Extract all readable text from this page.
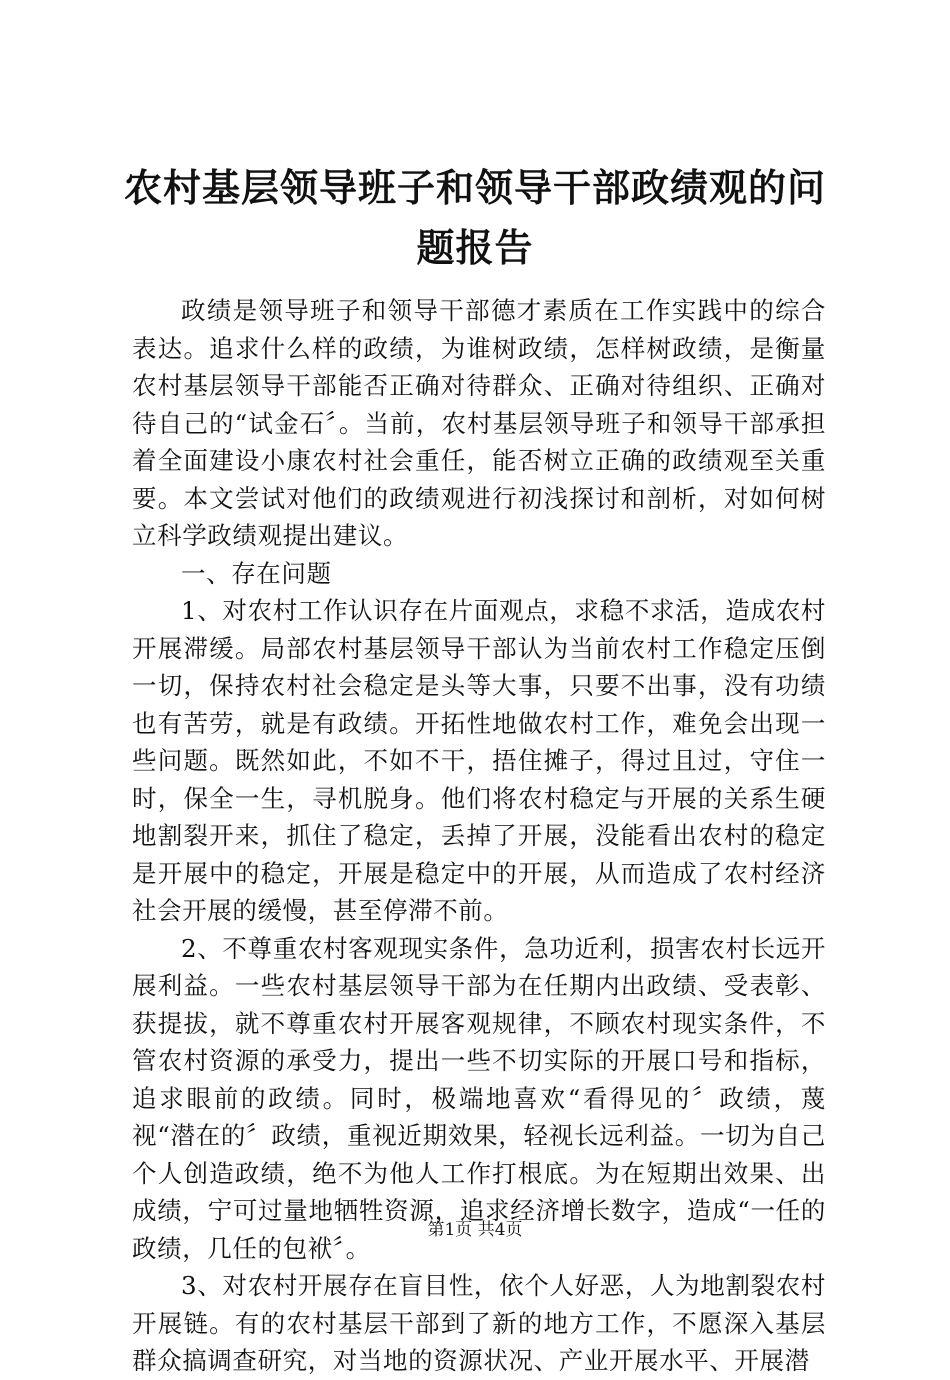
农村基层领导班子和领导干部政绩观的问题报告

政绩是领导班子和领导干部德才素质在工作实践中的综合表达。追求什么样的政绩，为谁树政绩，怎样树政绩，是衡量农村基层领导干部能否正确对待群众、正确对待组织、正确对待自己的“试金石〞。当前，农村基层领导班子和领导干部承担着全面建设小康农村社会重任，能否树立正确的政绩观至关重要。本文尝试对他们的政绩观进行初浅探讨和剖析，对如何树立科学政绩观提出建议。

一、存在问题

1、对农村工作认识存在片面观点，求稳不求活，造成农村开展滞缓。局部农村基层领导干部认为当前农村工作稳定压倒一切，保持农村社会稳定是头等大事，只要不出事，没有功绩也有苦劳，就是有政绩。开拓性地做农村工作，难免会出现一些问题。既然如此，不如不干，捂住摊子，得过且过，守住一时，保全一生，寻机脱身。他们将农村稳定与开展的关系生硬地割裂开来，抓住了稳定，丢掉了开展，没能看出农村的稳定是开展中的稳定，开展是稳定中的开展，从而造成了农村经济社会开展的缓慢，甚至停滞不前。

2、不尊重农村客观现实条件，急功近利，损害农村长远开展利益。一些农村基层领导干部为在任期内出政绩、受表彰、获提拔，就不尊重农村开展客观规律，不顾农村现实条件，不管农村资源的承受力，提出一些不切实际的开展口号和指标，追求眼前的政绩。同时，极端地喜欢“看得见的〞政绩，蔑视“潜在的〞政绩，重视近期效果，轻视长远利益。一切为自己个人创造政绩，绝不为他人工作打根底。为在短期出效果、出成绩，宁可过量地牺牲资源，追求经济增长数字，造成“一任的政绩，几任的包袱〞。

3、对农村开展存在盲目性，依个人好恶，人为地割裂农村开展链。有的农村基层干部到了新的地方工作，不愿深入基层群众搞调查研究，对当地的资源状况、产业开展水平、开展潜

第1页 共4页
